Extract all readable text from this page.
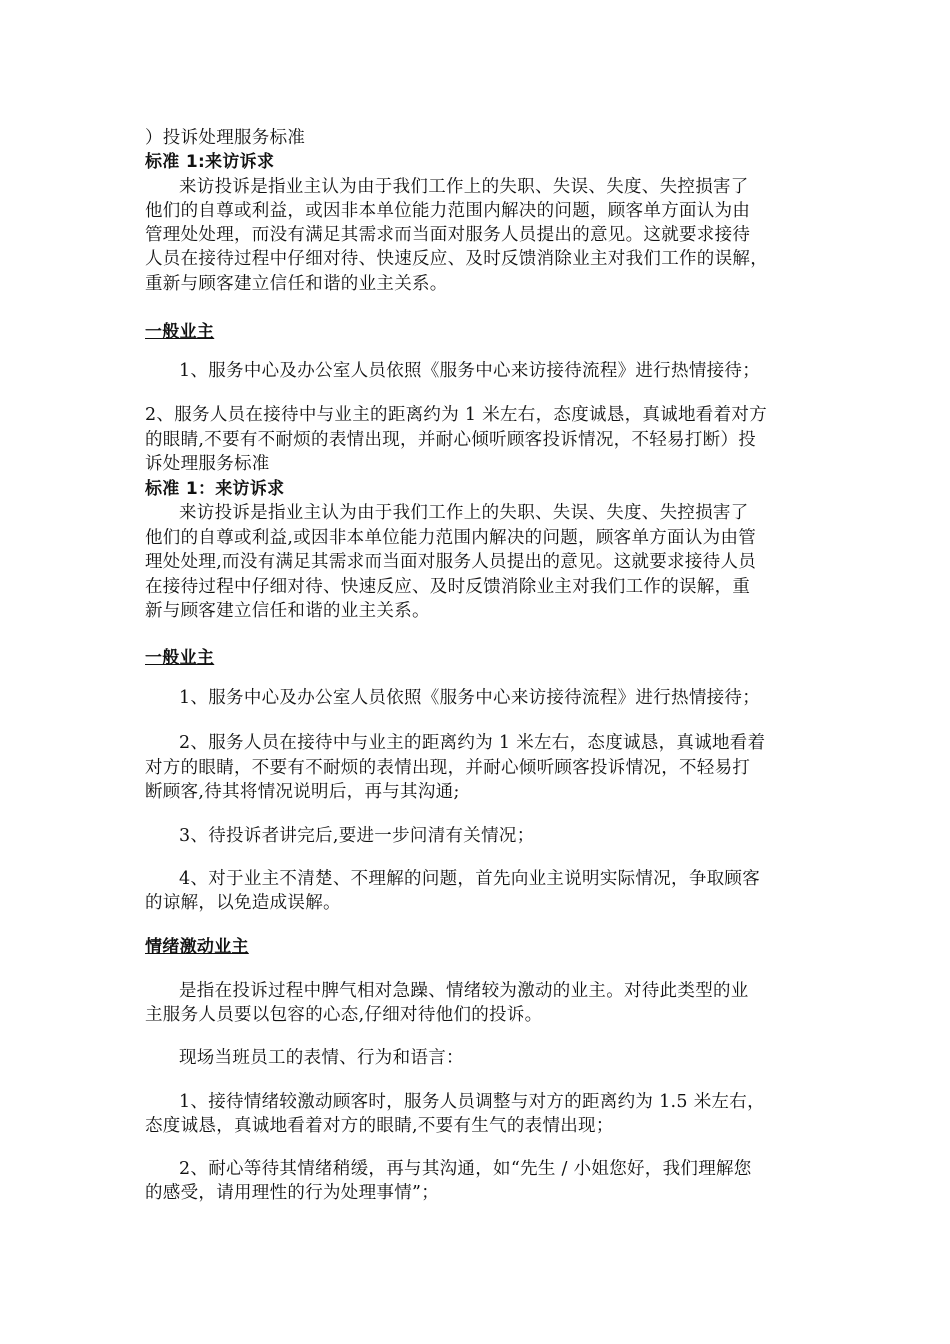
）投诉处理服务标准
标准 1:来访诉求
来访投诉是指业主认为由于我们工作上的失职、失误、失度、失控损害了
他们的自尊或利益，或因非本单位能力范围内解决的问题，顾客单方面认为由
管理处处理，而没有满足其需求而当面对服务人员提出的意见。这就要求接待
人员在接待过程中仔细对待、快速反应、及时反馈消除业主对我们工作的误解，
重新与顾客建立信任和谐的业主关系。
一般业主
1、服务中心及办公室人员依照《服务中心来访接待流程》进行热情接待；
2、服务人员在接待中与业主的距离约为 1 米左右，态度诚恳，真诚地看着对方
的眼睛,不要有不耐烦的表情出现，并耐心倾听顾客投诉情况，不轻易打断）投
诉处理服务标准
标准 1：来访诉求
来访投诉是指业主认为由于我们工作上的失职、失误、失度、失控损害了
他们的自尊或利益,或因非本单位能力范围内解决的问题，顾客单方面认为由管
理处处理,而没有满足其需求而当面对服务人员提出的意见。这就要求接待人员
在接待过程中仔细对待、快速反应、及时反馈消除业主对我们工作的误解，重
新与顾客建立信任和谐的业主关系。
一般业主
1、服务中心及办公室人员依照《服务中心来访接待流程》进行热情接待；
2、服务人员在接待中与业主的距离约为 1 米左右，态度诚恳，真诚地看着
对方的眼睛，不要有不耐烦的表情出现，并耐心倾听顾客投诉情况，不轻易打
断顾客,待其将情况说明后，再与其沟通;
3、待投诉者讲完后,要进一步问清有关情况；
4、对于业主不清楚、不理解的问题，首先向业主说明实际情况，争取顾客
的谅解，以免造成误解。
情绪激动业主
是指在投诉过程中脾气相对急躁、情绪较为激动的业主。对待此类型的业
主服务人员要以包容的心态,仔细对待他们的投诉。
现场当班员工的表情、行为和语言：
1、接待情绪较激动顾客时，服务人员调整与对方的距离约为 1.5 米左右，
态度诚恳，真诚地看着对方的眼睛,不要有生气的表情出现；
2、耐心等待其情绪稍缓，再与其沟通，如“先生 / 小姐您好，我们理解您
的感受，请用理性的行为处理事情”；
